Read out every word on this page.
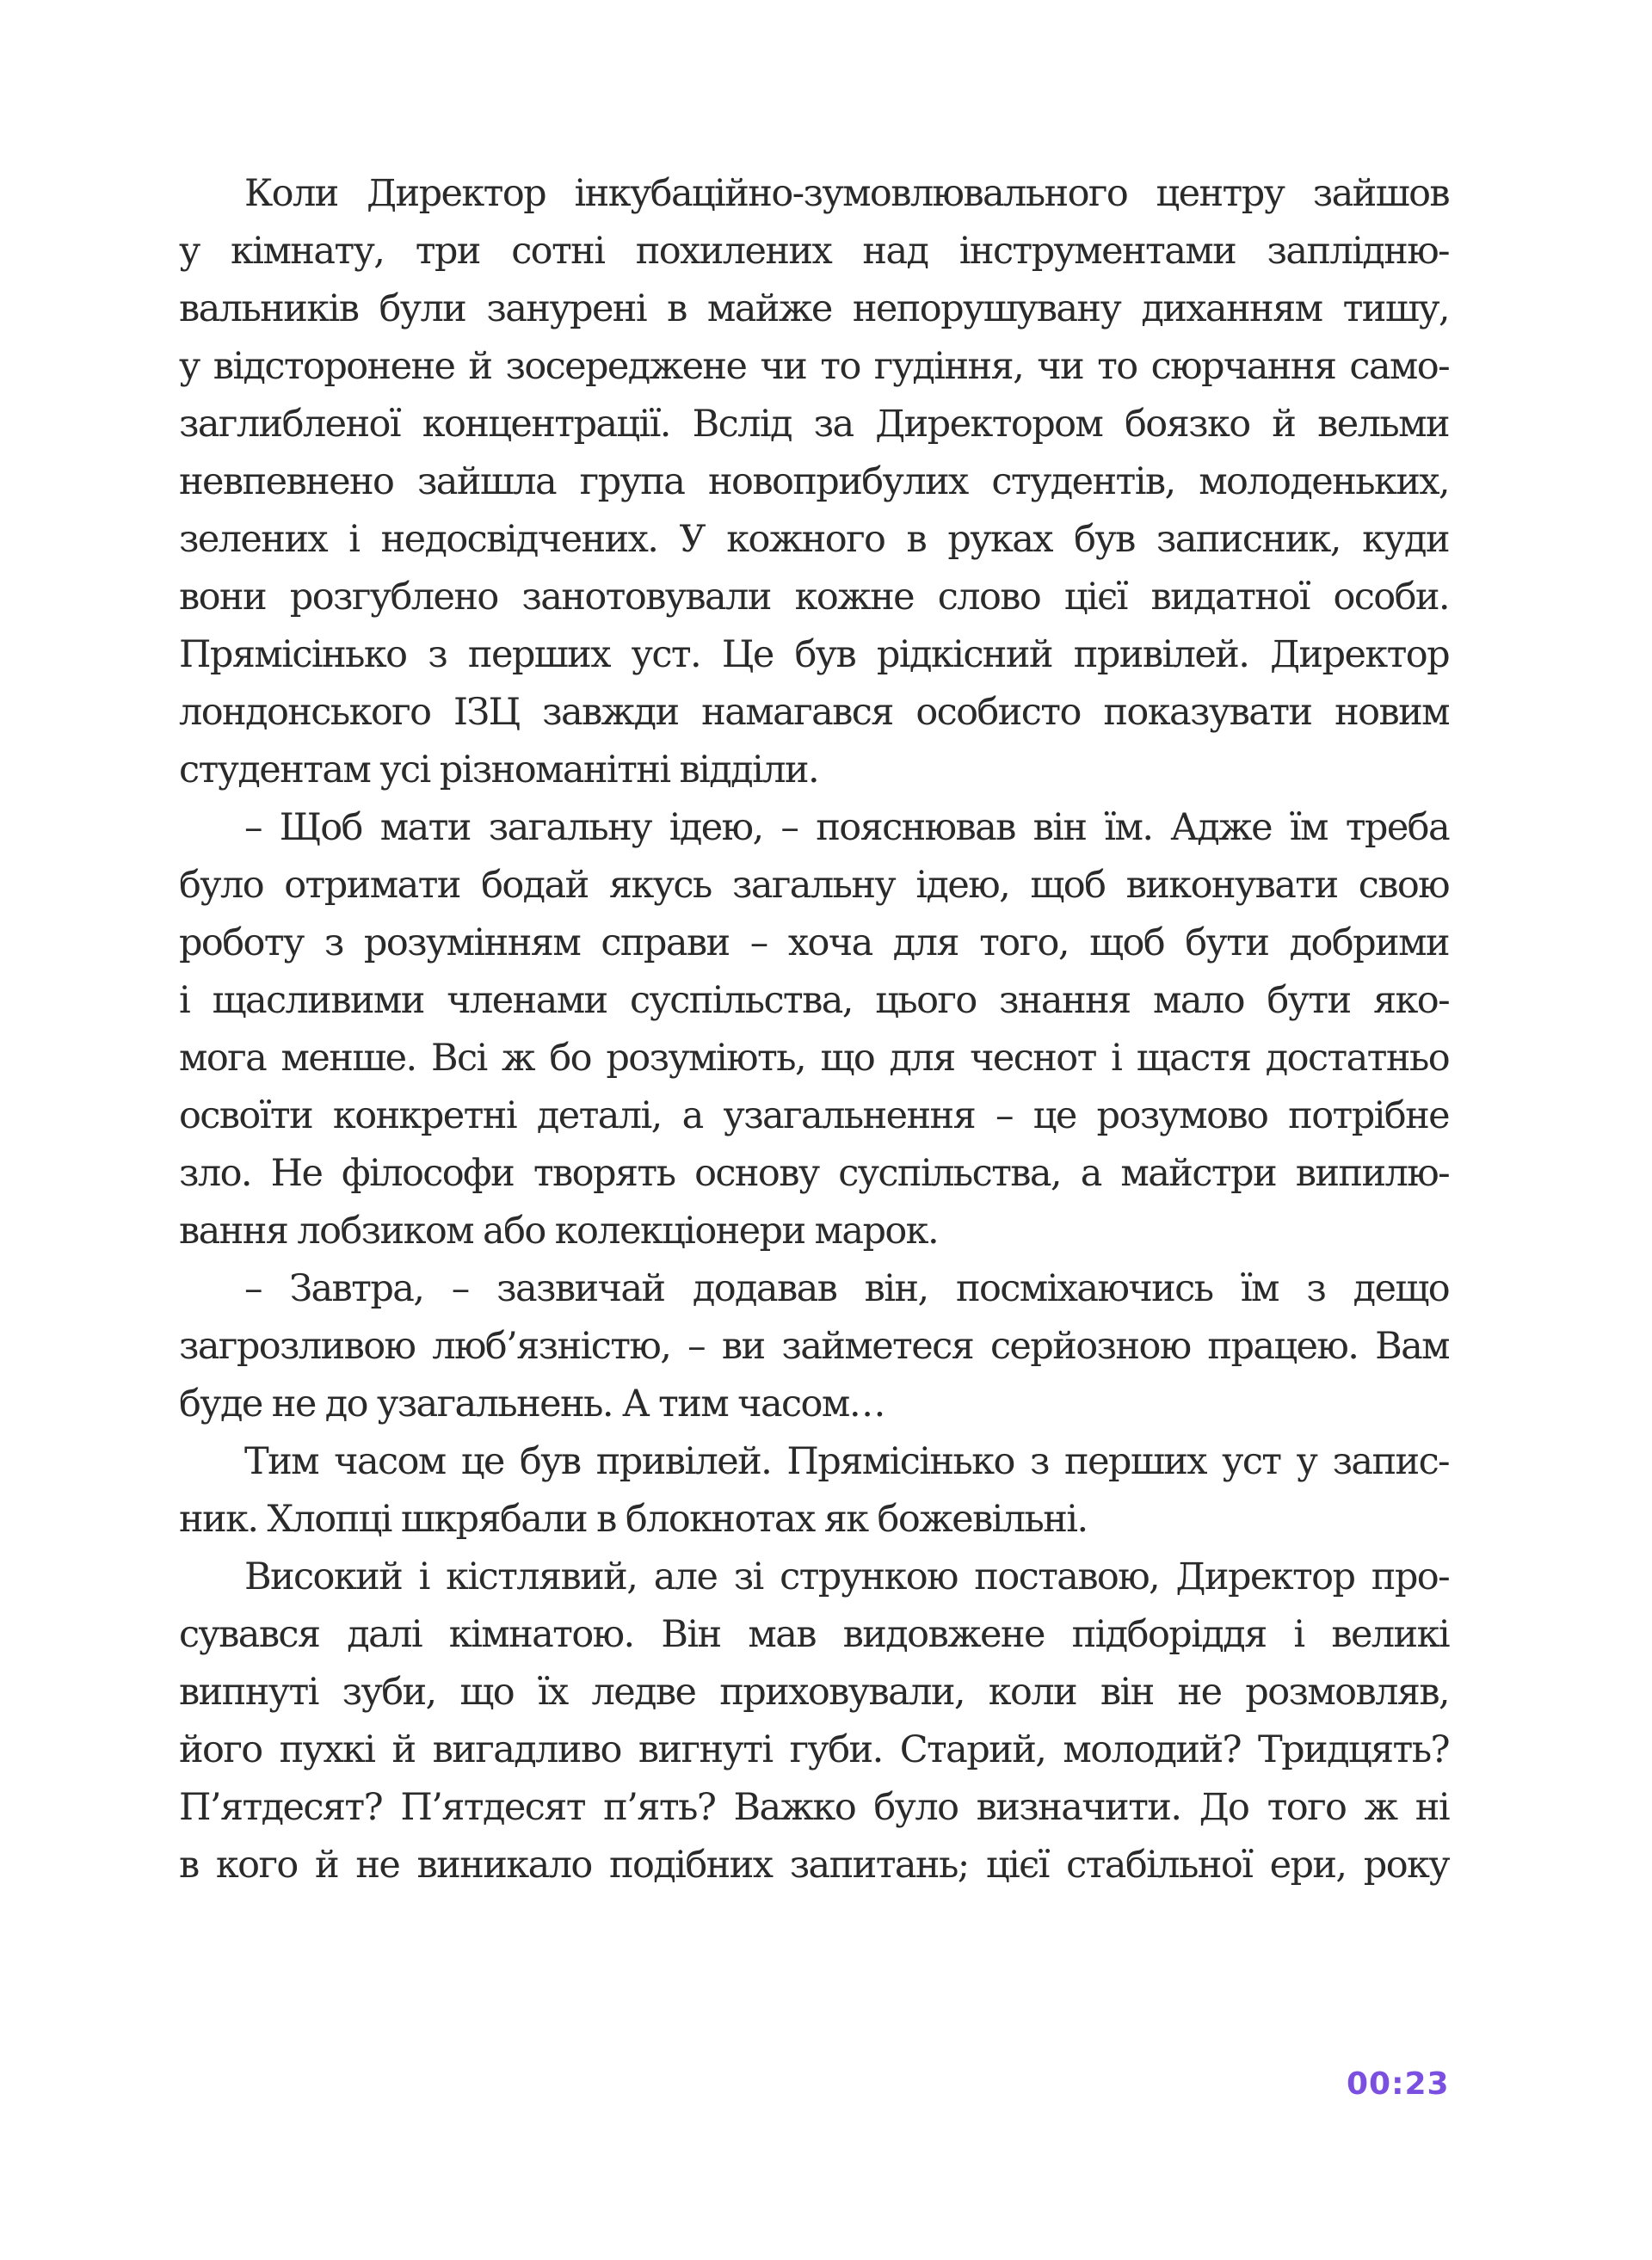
Коли Директор інкубаційно-зумовлювального центру зайшов
у кімнату, три сотні похилених над інструментами заплідню-
вальників були занурені в майже непорушувану диханням тишу,
у відсторонене й зосереджене чи то гудіння, чи то сюрчання само-
заглибленої концентрації. Вслід за Директором боязко й вельми
невпевнено зайшла група новоприбулих студентів, молоденьких,
зелених і недосвідчених. У кожного в руках був записник, куди
вони розгублено занотовували кожне слово цієї видатної особи.
Прямісінько з перших уст. Це був рідкісний привілей. Директор
лондонського ІЗЦ завжди намагався особисто показувати новим
студентам усі різноманітні відділи.
– Щоб мати загальну ідею, – пояснював він їм. Адже їм треба
було отримати бодай якусь загальну ідею, щоб виконувати свою
роботу з розумінням справи – хоча для того, щоб бути добрими
і щасливими членами суспільства, цього знання мало бути яко-
мога менше. Всі ж бо розуміють, що для чеснот і щастя достатньо
освоїти конкретні деталі, а узагальнення – це розумово потрібне
зло. Не філософи творять основу суспільства, а майстри випилю-
вання лобзиком або колекціонери марок.
– Завтра, – зазвичай додавав він, посміхаючись їм з дещо
загрозливою люб’язністю, – ви займетеся серйозною працею. Вам
буде не до узагальнень. А тим часом…
Тим часом це був привілей. Прямісінько з перших уст у запис-
ник. Хлопці шкрябали в блокнотах як божевільні.
Високий і кістлявий, але зі стрункою поставою, Директор про-
сувався далі кімнатою. Він мав видовжене підборіддя і великі
випнуті зуби, що їх ледве приховували, коли він не розмовляв,
його пухкі й вигадливо вигнуті губи. Старий, молодий? Тридцять?
П’ятдесят? П’ятдесят п’ять? Важко було визначити. До того ж ні
в кого й не виникало подібних запитань; цієї стабільної ери, року
00:23
